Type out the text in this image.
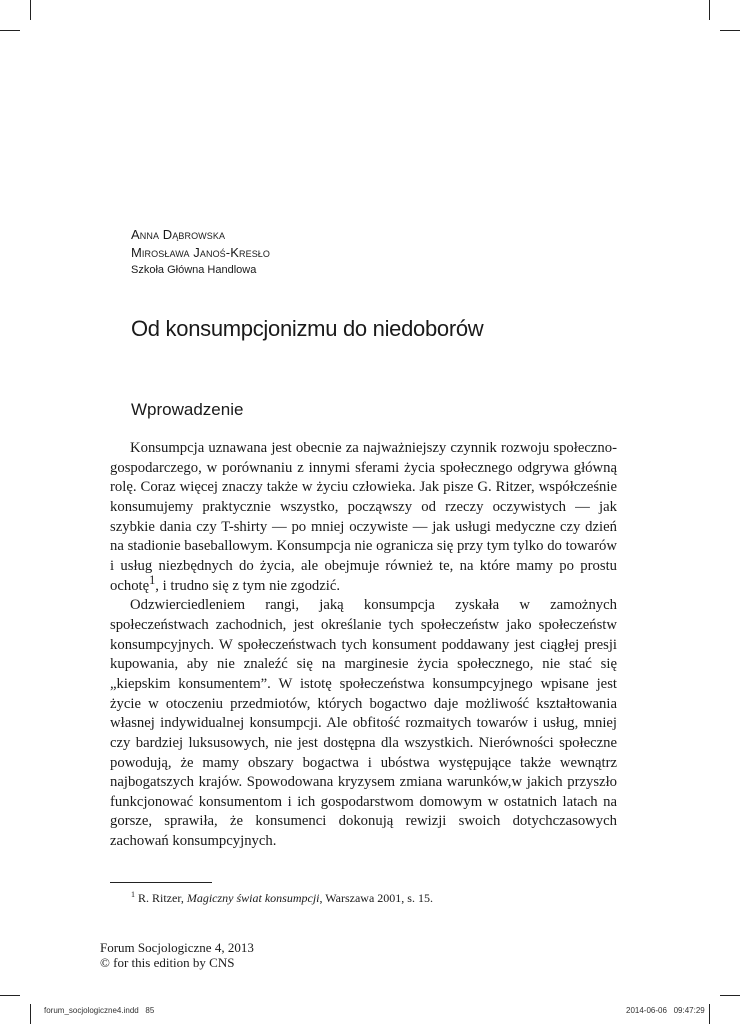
Anna Dąbrowska
Mirosława Janoś-Kresło
Szkoła Główna Handlowa
Od konsumpcjonizmu do niedoborów
Wprowadzenie

Konsumpcja uznawana jest obecnie za najważniejszy czynnik rozwoju społeczno-gospodarczego, w porównaniu z innymi sferami życia społecznego odgrywa główną rolę. Coraz więcej znaczy także w życiu człowieka. Jak pisze G. Ritzer, współcześnie konsumujemy praktycznie wszystko, począwszy od rzeczy oczywistych — jak szybkie dania czy T-shirty — po mniej oczywiste — jak usługi medyczne czy dzień na stadionie baseballowym. Konsumpcja nie ogranicza się przy tym tylko do towarów i usług niezbędnych do życia, ale obejmuje również te, na które mamy po prostu ochotę$^1$, i trudno się z tym nie zgodzić.

Odzwierciedleniem rangi, jaką konsumpcja zyskała w zamożnych społeczeństwach zachodnich, jest określanie tych społeczeństw jako społeczeństw konsumpcyjnych. W społeczeństwach tych konsument poddawany jest ciągłej presji kupowania, aby nie znaleźć się na marginesie życia społecznego, nie stać się „kiepskim konsumentem”. W istotę społeczeństwa konsumpcyjnego wpisane jest życie w otoczeniu przedmiotów, których bogactwo daje możliwość kształtowania własnej indywidualnej konsumpcji. Ale obfitość rozmaitych towarów i usług, mniej czy bardziej luksusowych, nie jest dostępna dla wszystkich. Nierówności społeczne powodują, że mamy obszary bogactwa i ubóstwa występujące także wewnątrz najbogatszych krajów. Spowodowana kryzysem zmiana warunków,w jakich przyszło funkcjonować konsumentom i ich gospodarstwom domowym w ostatnich latach na gorsze, sprawiła, że konsumenci dokonują rewizji swoich dotychczasowych zachowań konsumpcyjnych.

$^1$ R. Ritzer, Magiczny świat konsumpcji, Warszawa 2001, s. 15.
Forum Socjologiczne 4, 2013
© for this edition by CNS
forum_socjologiczne4.indd   85	2014-06-06   09:47:29
